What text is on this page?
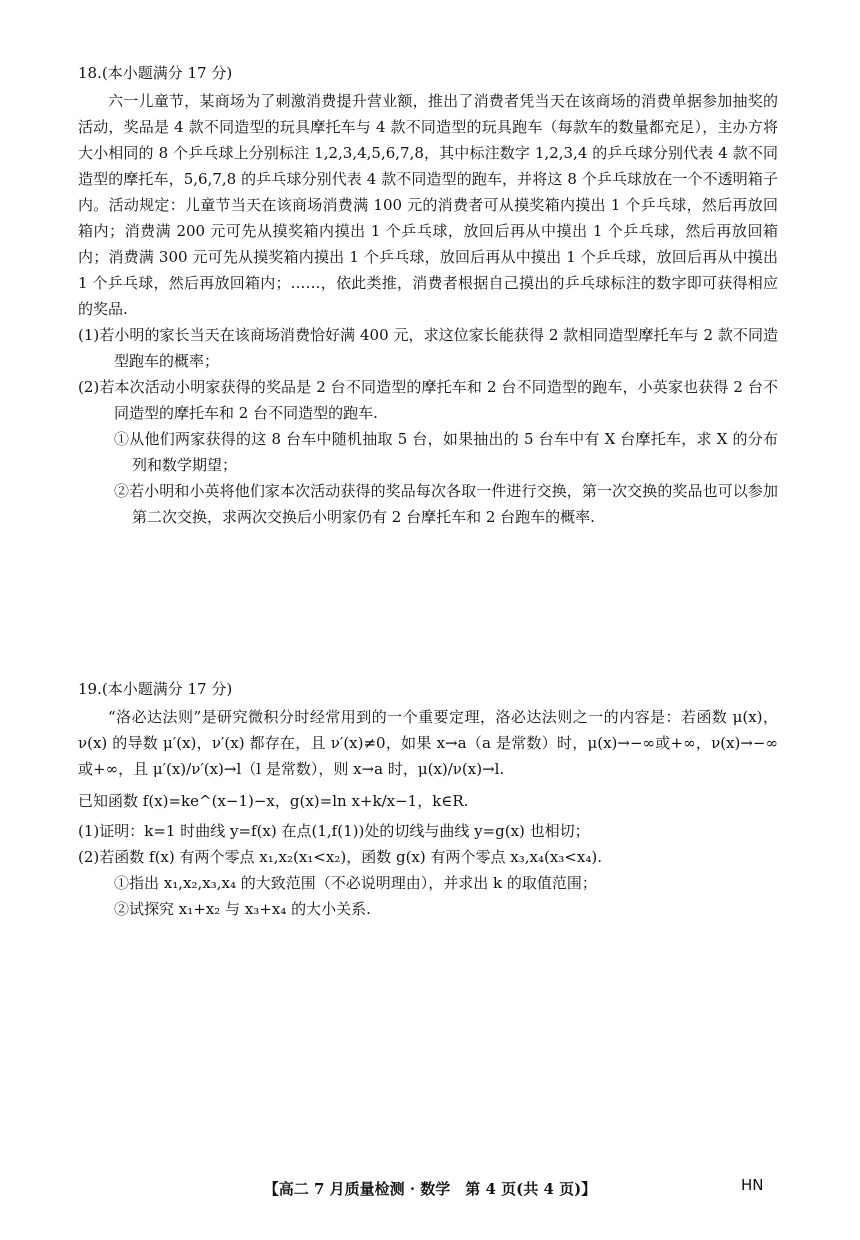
18.(本小题满分 17 分)

六一儿童节，某商场为了刺激消费提升营业额，推出了消费者凭当天在该商场的消费单据参加抽奖的活动，奖品是 4 款不同造型的玩具摩托车与 4 款不同造型的玩具跑车（每款车的数量都充足），主办方将大小相同的 8 个乒乓球上分别标注 1,2,3,4,5,6,7,8，其中标注数字 1,2,3,4 的乒乓球分别代表 4 款不同造型的摩托车，5,6,7,8 的乒乓球分别代表 4 款不同造型的跑车，并将这 8 个乒乓球放在一个不透明箱子内。活动规定：儿童节当天在该商场消费满 100 元的消费者可从摸奖箱内摸出 1 个乒乓球，然后再放回箱内；消费满 200 元可先从摸奖箱内摸出 1 个乒乓球，放回后再从中摸出 1 个乒乓球，然后再放回箱内；消费满 300 元可先从摸奖箱内摸出 1 个乒乓球，放回后再从中摸出 1 个乒乓球，放回后再从中摸出 1 个乒乓球，然后再放回箱内；……，依此类推，消费者根据自己摸出的乒乓球标注的数字即可获得相应的奖品.

(1)若小明的家长当天在该商场消费恰好满 400 元，求这位家长能获得 2 款相同造型摩托车与 2 款不同造型跑车的概率；

(2)若本次活动小明家获得的奖品是 2 台不同造型的摩托车和 2 台不同造型的跑车，小英家也获得 2 台不同造型的摩托车和 2 台不同造型的跑车.

①从他们两家获得的这 8 台车中随机抽取 5 台，如果抽出的 5 台车中有 X 台摩托车，求 X 的分布列和数学期望；

②若小明和小英将他们家本次活动获得的奖品每次各取一件进行交换，第一次交换的奖品也可以参加第二次交换，求两次交换后小明家仍有 2 台摩托车和 2 台跑车的概率.

19.(本小题满分 17 分)

“洛必达法则”是研究微积分时经常用到的一个重要定理，洛必达法则之一的内容是：若函数 μ(x)，ν(x) 的导数 μ′(x)，ν′(x) 都存在，且 ν′(x)≠0，如果 x→a（a 是常数）时，μ(x)→−∞或+∞，ν(x)→−∞或+∞，且 μ′(x)/ν′(x)→l（l 是常数），则 x→a 时，μ(x)/ν(x)→l.

已知函数 f(x)=ke^(x−1)−x，g(x)=ln x+k/x−1，k∈R.

(1)证明：k=1 时曲线 y=f(x) 在点(1,f(1))处的切线与曲线 y=g(x) 也相切；

(2)若函数 f(x) 有两个零点 x₁,x₂(x₁<x₂)，函数 g(x) 有两个零点 x₃,x₄(x₃<x₄).

①指出 x₁,x₂,x₃,x₄ 的大致范围（不必说明理由），并求出 k 的取值范围；

②试探究 x₁+x₂ 与 x₃+x₄ 的大小关系.

【高二 7 月质量检测 · 数学　第 4 页(共 4 页)】	HN
